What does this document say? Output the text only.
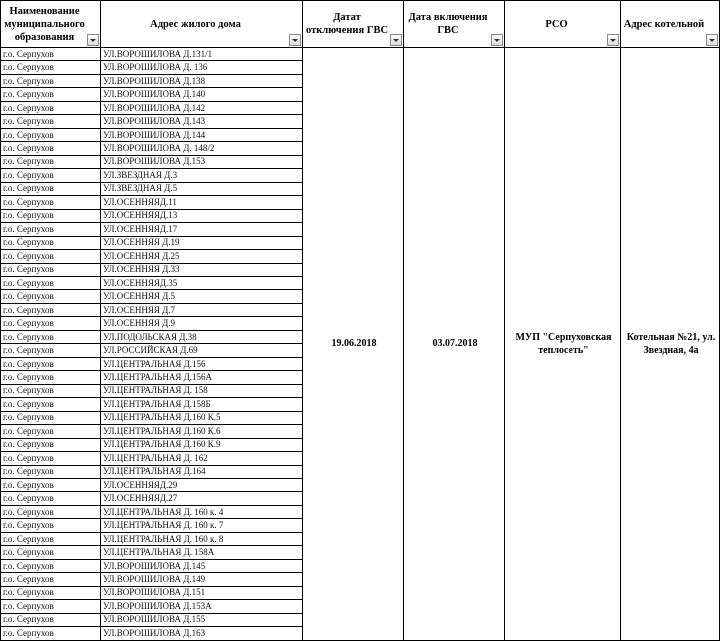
Наименование муниципального образования	Адрес жилого дома	Датат отключения ГВС	Дата включения ГВС	РСО	Адрес котельной

г.о. Серпухов	УЛ.ВОРОШИЛОВА Д.131/1	19.06.2018	03.07.2018	МУП "Серпуховская теплосеть"	Котельная №21, ул. Звездная, 4а
г.о. Серпухов	УЛ.ВОРОШИЛОВА Д. 136				
г.о. Серпухов	УЛ.ВОРОШИЛОВА Д.138				
г.о. Серпухов	УЛ.ВОРОШИЛОВА Д.140				
г.о. Серпухов	УЛ.ВОРОШИЛОВА Д.142				
г.о. Серпухов	УЛ.ВОРОШИЛОВА Д.143				
г.о. Серпухов	УЛ.ВОРОШИЛОВА Д.144				
г.о. Серпухов	УЛ.ВОРОШИЛОВА Д. 148/2				
г.о. Серпухов	УЛ.ВОРОШИЛОВА Д.153				
г.о. Серпухов	УЛ.ЗВЕЗДНАЯ Д.3				
г.о. Серпухов	УЛ.ЗВЕЗДНАЯ Д.5				
г.о. Серпухов	УЛ.ОСЕННЯЯД.11				
г.о. Серпухов	УЛ.ОСЕННЯЯД.13				
г.о. Серпухов	УЛ.ОСЕННЯЯД.17				
г.о. Серпухов	УЛ.ОСЕННЯЯ Д.19				
г.о. Серпухов	УЛ.ОСЕННЯЯ Д.25				
г.о. Серпухов	УЛ.ОСЕННЯЯ Д.33				
г.о. Серпухов	УЛ.ОСЕННЯЯД.35				
г.о. Серпухов	УЛ.ОСЕННЯЯ Д.5				
г.о. Серпухов	УЛ.ОСЕННЯЯ Д.7				
г.о. Серпухов	УЛ.ОСЕННЯЯ Д.9				
г.о. Серпухов	УЛ.ПОДОЛЬСКАЯ Д.38				
г.о. Серпухов	УЛ.РОССИЙСКАЯ Д.69				
г.о. Серпухов	УЛ.ЦЕНТРАЛЬНАЯ Д.156				
г.о. Серпухов	УЛ.ЦЕНТРАЛЬНАЯ Д.156А				
г.о. Серпухов	УЛ.ЦЕНТРАЛЬНАЯ Д. 158				
г.о. Серпухов	УЛ.ЦЕНТРАЛЬНАЯ Д.158Б				
г.о. Серпухов	УЛ.ЦЕНТРАЛЬНАЯ Д.160 К.5				
г.о. Серпухов	УЛ.ЦЕНТРАЛЬНАЯ Д.160 К.6				
г.о. Серпухов	УЛ.ЦЕНТРАЛЬНАЯ Д.160 К.9				
г.о. Серпухов	УЛ.ЦЕНТРАЛЬНАЯ Д. 162				
г.о. Серпухов	УЛ.ЦЕНТРАЛЬНАЯ Д.164				
г.о. Серпухов	УЛ.ОСЕННЯЯД.29				
г.о. Серпухов	УЛ.ОСЕННЯЯД.27				
г.о. Серпухов	УЛ.ЦЕНТРАЛЬНАЯ Д. 160 к. 4				
г.о. Серпухов	УЛ.ЦЕНТРАЛЬНАЯ Д. 160 к. 7				
г.о. Серпухов	УЛ.ЦЕНТРАЛЬНАЯ Д. 160 к. 8				
г.о. Серпухов	УЛ.ЦЕНТРАЛЬНАЯ Д. 158А				
г.о. Серпухов	УЛ.ВОРОШИЛОВА Д.145				
г.о. Серпухов	УЛ.ВОРОШИЛОВА Д.149				
г.о. Серпухов	УЛ.ВОРОШИЛОВА Д.151				
г.о. Серпухов	УЛ.ВОРОШИЛОВА Д.153А				
г.о. Серпухов	УЛ.ВОРОШИЛОВА Д.155				
г.о. Серпухов	УЛ.ВОРОШИЛОВА Д.163				
